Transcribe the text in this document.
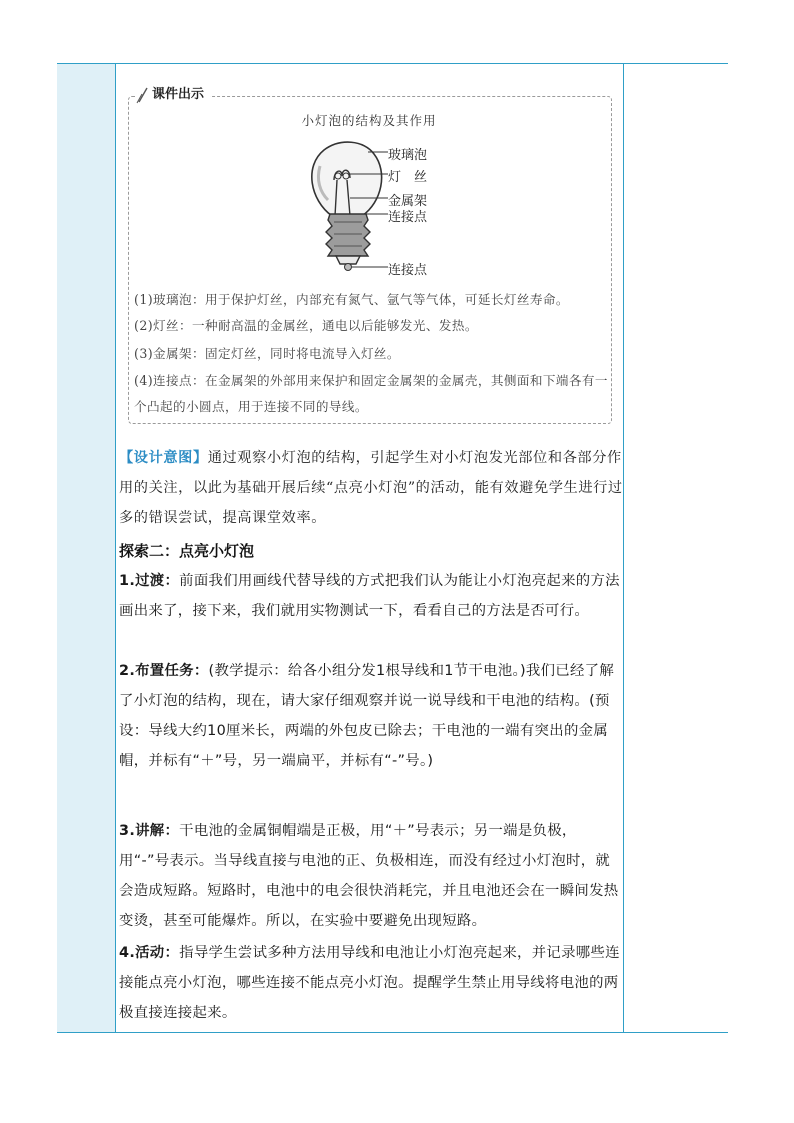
课件出示
小灯泡的结构及其作用
玻璃泡
灯　丝
金属架
连接点
连接点
(1)玻璃泡：用于保护灯丝，内部充有氮气、氩气等气体，可延长灯丝寿命。
(2)灯丝：一种耐高温的金属丝，通电以后能够发光、发热。
(3)金属架：固定灯丝，同时将电流导入灯丝。
(4)连接点：在金属架的外部用来保护和固定金属架的金属壳，其侧面和下端各有一个凸起的小圆点，用于连接不同的导线。
【设计意图】通过观察小灯泡的结构，引起学生对小灯泡发光部位和各部分作用的关注，以此为基础开展后续“点亮小灯泡”的活动，能有效避免学生进行过多的错误尝试，提高课堂效率。
探索二：点亮小灯泡
1.过渡：前面我们用画线代替导线的方式把我们认为能让小灯泡亮起来的方法画出来了，接下来，我们就用实物测试一下，看看自己的方法是否可行。
2.布置任务：(教学提示：给各小组分发1根导线和1节干电池。)我们已经了解了小灯泡的结构，现在，请大家仔细观察并说一说导线和干电池的结构。(预设：导线大约10厘米长，两端的外包皮已除去；干电池的一端有突出的金属帽，并标有“＋”号，另一端扁平，并标有“-”号。)
3.讲解：干电池的金属铜帽端是正极，用“＋”号表示；另一端是负极，用“-”号表示。当导线直接与电池的正、负极相连，而没有经过小灯泡时，就会造成短路。短路时，电池中的电会很快消耗完，并且电池还会在一瞬间发热变烫，甚至可能爆炸。所以，在实验中要避免出现短路。
4.活动：指导学生尝试多种方法用导线和电池让小灯泡亮起来，并记录哪些连接能点亮小灯泡，哪些连接不能点亮小灯泡。提醒学生禁止用导线将电池的两极直接连接起来。
